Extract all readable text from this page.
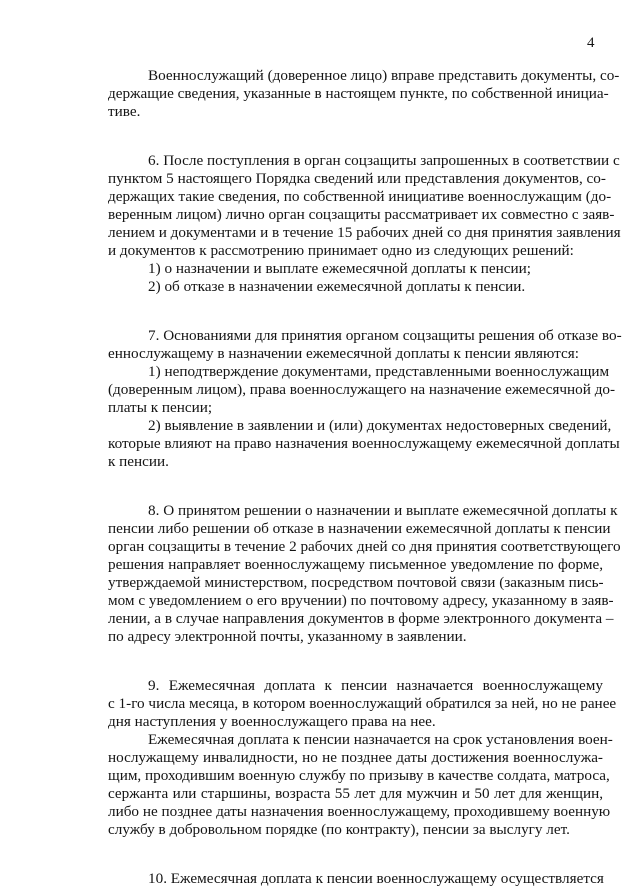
4
Военнослужащий (доверенное лицо) вправе представить документы, со-
держащие сведения, указанные в настоящем пункте, по собственной инициа-
тиве.
6. После поступления в орган соцзащиты запрошенных в соответствии с
пунктом 5 настоящего Порядка сведений или представления документов, со-
держащих такие сведения, по собственной инициативе военнослужащим (до-
веренным лицом) лично орган соцзащиты рассматривает их совместно с заяв-
лением и документами и в течение 15 рабочих дней со дня принятия заявления
и документов к рассмотрению принимает одно из следующих решений:
1) о назначении и выплате ежемесячной доплаты к пенсии;
2) об отказе в назначении ежемесячной доплаты к пенсии.
7. Основаниями для принятия органом соцзащиты решения об отказе во-
еннослужащему в назначении ежемесячной доплаты к пенсии являются:
1) неподтверждение документами, представленными военнослужащим
(доверенным лицом), права военнослужащего на назначение ежемесячной до-
платы к пенсии;
2) выявление в заявлении и (или) документах недостоверных сведений,
которые влияют на право назначения военнослужащему ежемесячной доплаты
к пенсии.
8. О принятом решении о назначении и выплате ежемесячной доплаты к
пенсии либо решении об отказе в назначении ежемесячной доплаты к пенсии
орган соцзащиты в течение 2 рабочих дней со дня принятия соответствующего
решения направляет военнослужащему письменное уведомление по форме,
утверждаемой министерством, посредством почтовой связи (заказным пись-
мом с уведомлением о его вручении) по почтовому адресу, указанному в заяв-
лении, а в случае направления документов в форме электронного документа –
по адресу электронной почты, указанному в заявлении.
9. Ежемесячная доплата к пенсии назначается военнослужащему
с 1-го числа месяца, в котором военнослужащий обратился за ней, но не ранее
дня наступления у военнослужащего права на нее.
Ежемесячная доплата к пенсии назначается на срок установления воен-
нослужащему инвалидности, но не позднее даты достижения военнослужа-
щим, проходившим военную службу по призыву в качестве солдата, матроса,
сержанта или старшины, возраста 55 лет для мужчин и 50 лет для женщин,
либо не позднее даты назначения военнослужащему, проходившему военную
службу в добровольном порядке (по контракту), пенсии за выслугу лет.
10. Ежемесячная доплата к пенсии военнослужащему осуществляется
